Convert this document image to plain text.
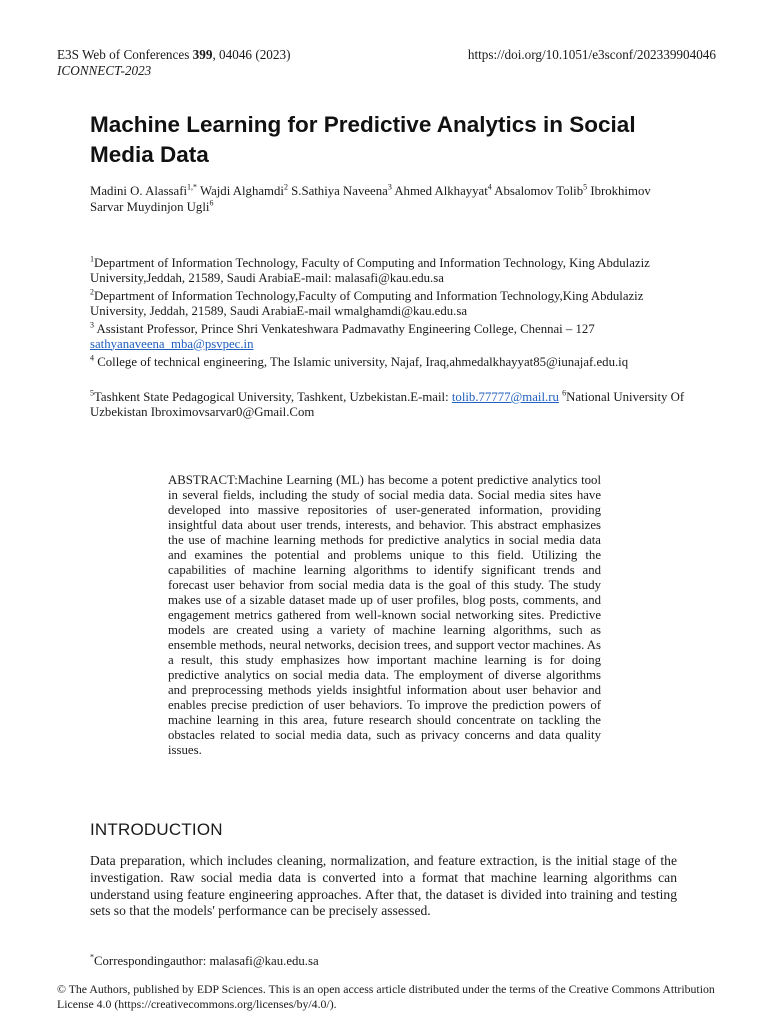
E3S Web of Conferences 399, 04046 (2023)
ICONNECT-2023
https://doi.org/10.1051/e3sconf/202339904046
Machine Learning for Predictive Analytics in Social Media Data
Madini O. Alassafi$^{1,*}$ Wajdi Alghamdi$^2$ S.Sathiya Naveena$^3$ Ahmed Alkhayyat$^4$ Absalomov Tolib$^5$ Ibrokhimov Sarvar Muydinjon Ugli$^6$
$^1$Department of Information Technology, Faculty of Computing and Information Technology, King Abdulaziz University,Jeddah, 21589, Saudi ArabiaE-mail: malasafi@kau.edu.sa
$^2$Department of Information Technology,Faculty of Computing and Information Technology,King Abdulaziz University, Jeddah, 21589, Saudi ArabiaE-mail wmalghamdi@kau.edu.sa
$^3$ Assistant Professor, Prince Shri Venkateshwara Padmavathy Engineering College, Chennai – 127
sathyanaveena_mba@psvpec.in
$^4$ College of technical engineering, The Islamic university, Najaf, Iraq,ahmedalkhayyat85@iunajaf.edu.iq
$^5$Tashkent State Pedagogical University, Tashkent, Uzbekistan.E-mail: tolib.77777@mail.ru $^6$National University Of Uzbekistan Ibroximovsarvar0@Gmail.Com
ABSTRACT:Machine Learning (ML) has become a potent predictive analytics tool in several fields, including the study of social media data. Social media sites have developed into massive repositories of user-generated information, providing insightful data about user trends, interests, and behavior. This abstract emphasizes the use of machine learning methods for predictive analytics in social media data and examines the potential and problems unique to this field. Utilizing the capabilities of machine learning algorithms to identify significant trends and forecast user behavior from social media data is the goal of this study. The study makes use of a sizable dataset made up of user profiles, blog posts, comments, and engagement metrics gathered from well-known social networking sites. Predictive models are created using a variety of machine learning algorithms, such as ensemble methods, neural networks, decision trees, and support vector machines. As a result, this study emphasizes how important machine learning is for doing predictive analytics on social media data. The employment of diverse algorithms and preprocessing methods yields insightful information about user behavior and enables precise prediction of user behaviors. To improve the prediction powers of machine learning in this area, future research should concentrate on tackling the obstacles related to social media data, such as privacy concerns and data quality issues.
INTRODUCTION
Data preparation, which includes cleaning, normalization, and feature extraction, is the initial stage of the investigation. Raw social media data is converted into a format that machine learning algorithms can understand using feature engineering approaches. After that, the dataset is divided into training and testing sets so that the models' performance can be precisely assessed.
*Correspondingauthor: malasafi@kau.edu.sa
© The Authors, published by EDP Sciences. This is an open access article distributed under the terms of the Creative Commons Attribution License 4.0 (https://creativecommons.org/licenses/by/4.0/).
